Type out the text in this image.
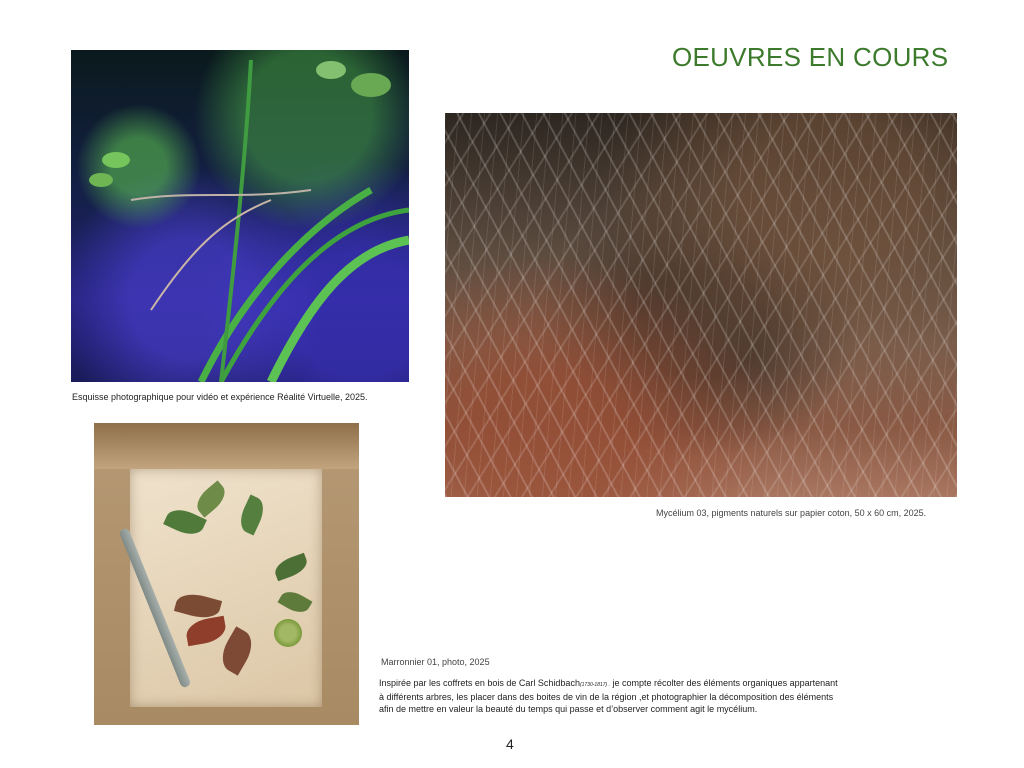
OEUVRES EN COURS
Esquisse photographique pour vidéo et expérience Réalité Virtuelle, 2025.
Mycélium 03, pigments naturels sur papier coton, 50 x 60 cm, 2025.
Marronnier 01, photo, 2025
Inspirée par les coffrets en bois de Carl Schidbach(1730-1817) . je compte récolter des éléments organiques appartenant
à différents arbres, les placer dans des boites de vin de la région ,et photographier la décomposition des éléments
afin de mettre en valeur la beauté du temps qui passe et d’observer comment agit le mycélium.
4
